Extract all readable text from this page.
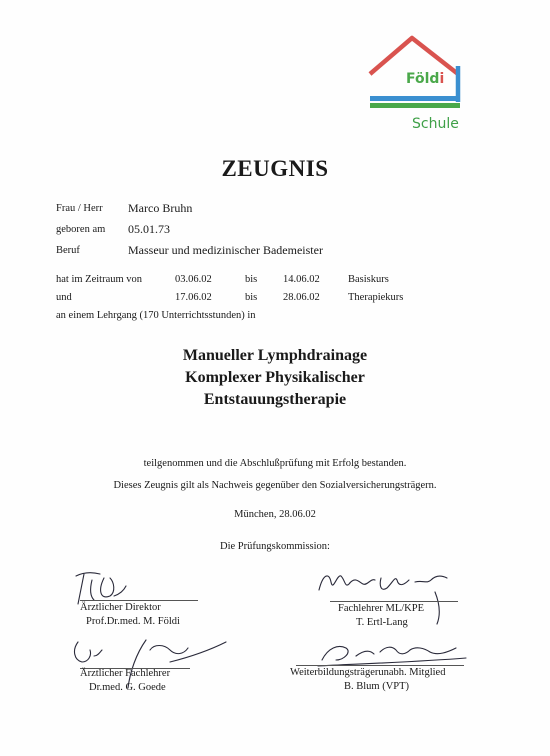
Földi
Schule
ZEUGNIS
Frau / Herr Marco Bruhn
geboren am 05.01.73
Beruf	Masseur und medizinischer Bademeister
hat im Zeitraum von	03.06.02	bis 14.06.02	Basiskurs
und	17.06.02	bis 28.06.02	Therapiekurs
an einem Lehrgang (170 Unterrichtsstunden) in
Manueller Lymphdrainage
Komplexer Physikalischer
Entstauungstherapie
teilgenommen und die Abschlußprüfung mit Erfolg bestanden.
Dieses Zeugnis gilt als Nachweis gegenüber den Sozialversicherungsträgern.
München, 28.06.02
Die Prüfungskommission:
Ärztlicher Direktor
Prof.Dr.med. M. Földi
Fachlehrer ML/KPE
T. Ertl-Lang
Ärztlicher Fachlehrer
Dr.med. G. Goede
Weiterbildungsträgerunabh. Mitglied
B. Blum (VPT)
